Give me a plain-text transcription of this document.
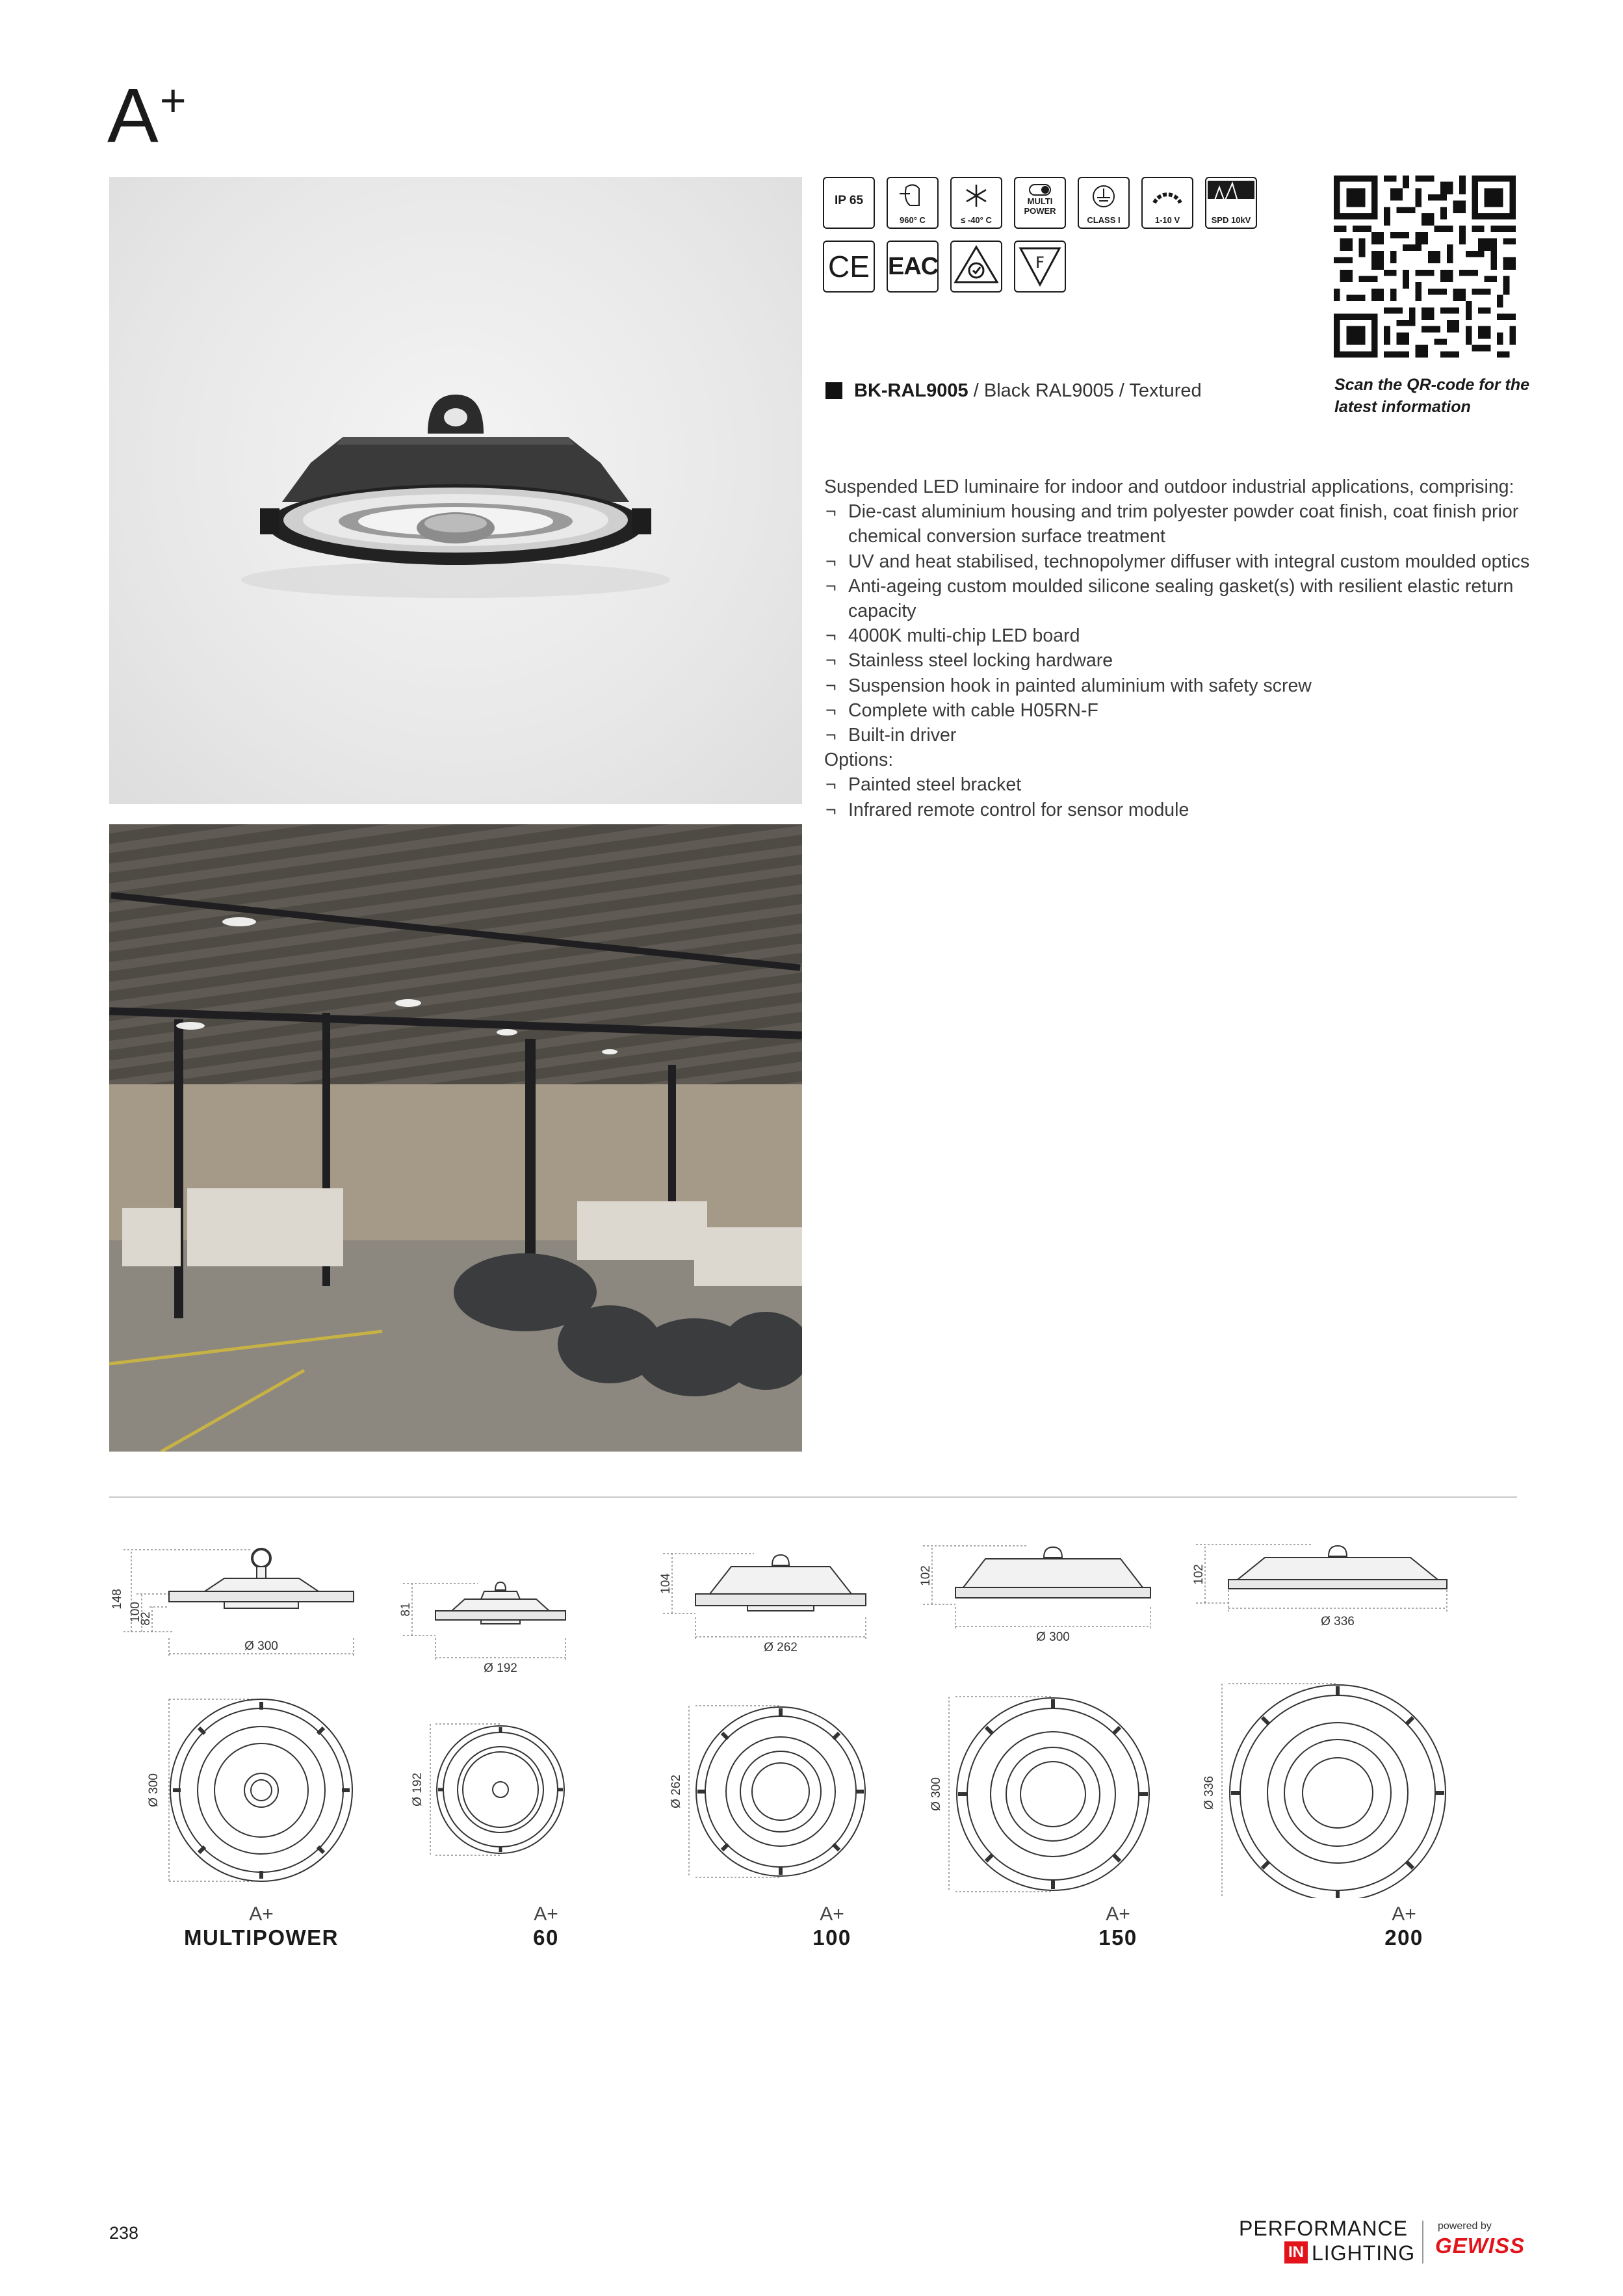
A+
IP 65
960° C	≤ -40° C
MULTI POWER
CLASS I	1-10 V	SPD 10kV
CE EAC	F
Scan the QR-code for the latest information
BK-RAL9005 / Black RAL9005 / Textured
Suspended LED luminaire for indoor and outdoor industrial applications, comprising:
¬ Die-cast aluminium housing and trim polyester powder coat finish, coat finish prior chemical conversion surface treatment
¬ UV and heat stabilised, technopolymer diffuser with integral custom moulded optics
¬ Anti-ageing custom moulded silicone sealing gasket(s) with resilient elastic return capacity
¬ 4000K multi-chip LED board
¬ Stainless steel locking hardware
¬ Suspension hook in painted aluminium with safety screw
¬ Complete with cable H05RN-F
¬ Built-in driver
Options:
¬ Painted steel bracket
¬ Infrared remote control for sensor module
148
100
82
Ø 300
Ø 300
81
Ø 192
Ø 192
104
Ø 262
Ø 262
102
Ø 300
Ø 300
102
Ø 336
Ø 336
A+
MULTIPOWER
A+
60
A+
100
A+
150
A+
200
238	PERFORMANCE
IN LIGHTING
powered by
GEWISS
